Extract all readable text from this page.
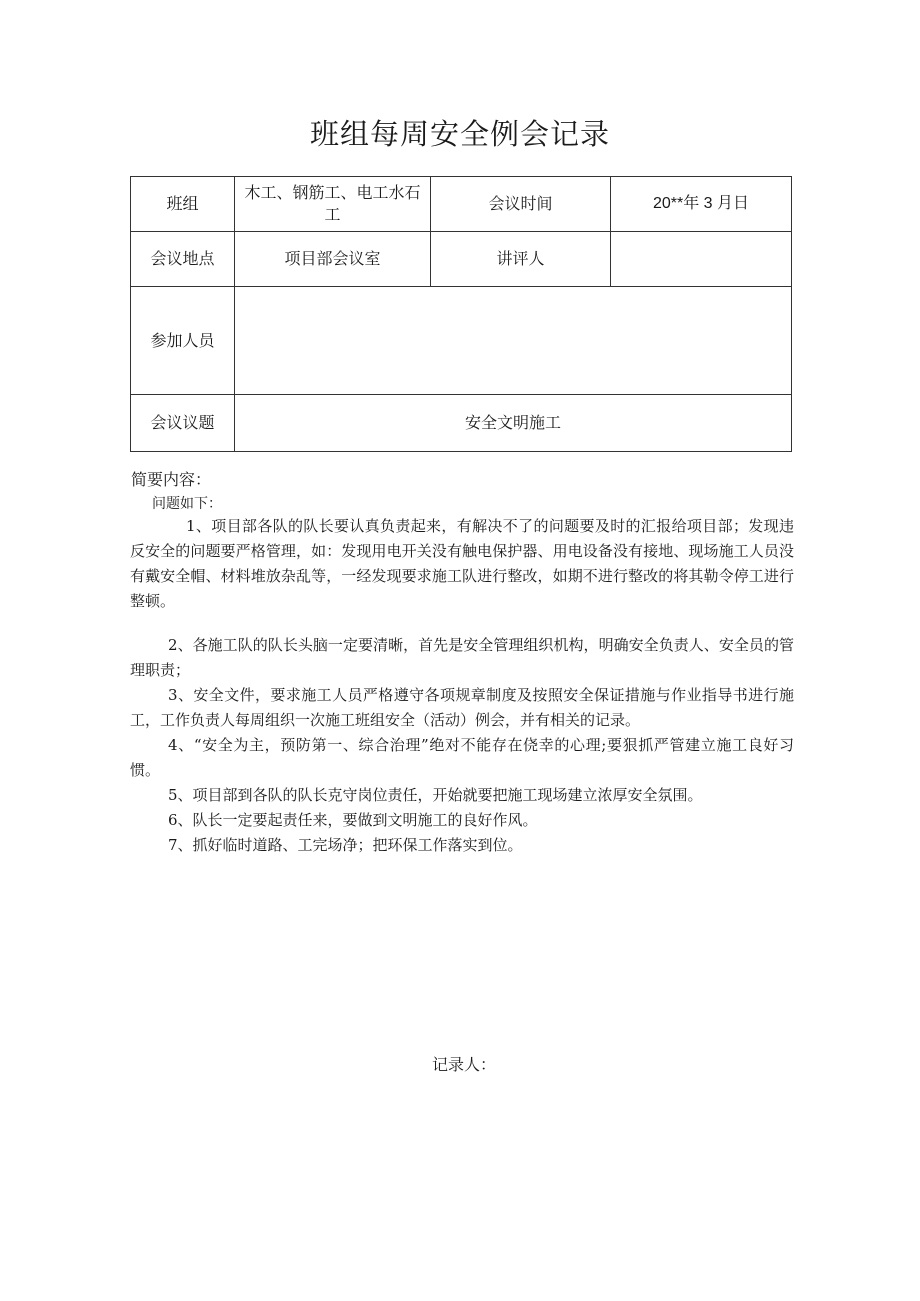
班组每周安全例会记录
班组	木工、钢筋工、电工水石工	会议时间	20**年 3 月日
会议地点	项目部会议室	讲评人	
参加人员			
会议议题	安全文明施工		
简要内容：
问题如下：
1、项目部各队的队长要认真负责起来，有解决不了的问题要及时的汇报给项目部；发现违反安全的问题要严格管理，如：发现用电开关没有触电保护器、用电设备没有接地、现场施工人员没有戴安全帽、材料堆放杂乱等，一经发现要求施工队进行整改，如期不进行整改的将其勒令停工进行整顿。
2、各施工队的队长头脑一定要清晰，首先是安全管理组织机构，明确安全负责人、安全员的管理职责；
3、安全文件，要求施工人员严格遵守各项规章制度及按照安全保证措施与作业指导书进行施工，工作负责人每周组织一次施工班组安全（活动）例会，并有相关的记录。
4、“安全为主，预防第一、综合治理”绝对不能存在侥幸的心理;要狠抓严管建立施工良好习惯。
5、项目部到各队的队长克守岗位责任，开始就要把施工现场建立浓厚安全氛围。
6、队长一定要起责任来，要做到文明施工的良好作风。
7、抓好临时道路、工完场净；把环保工作落实到位。
记录人：
